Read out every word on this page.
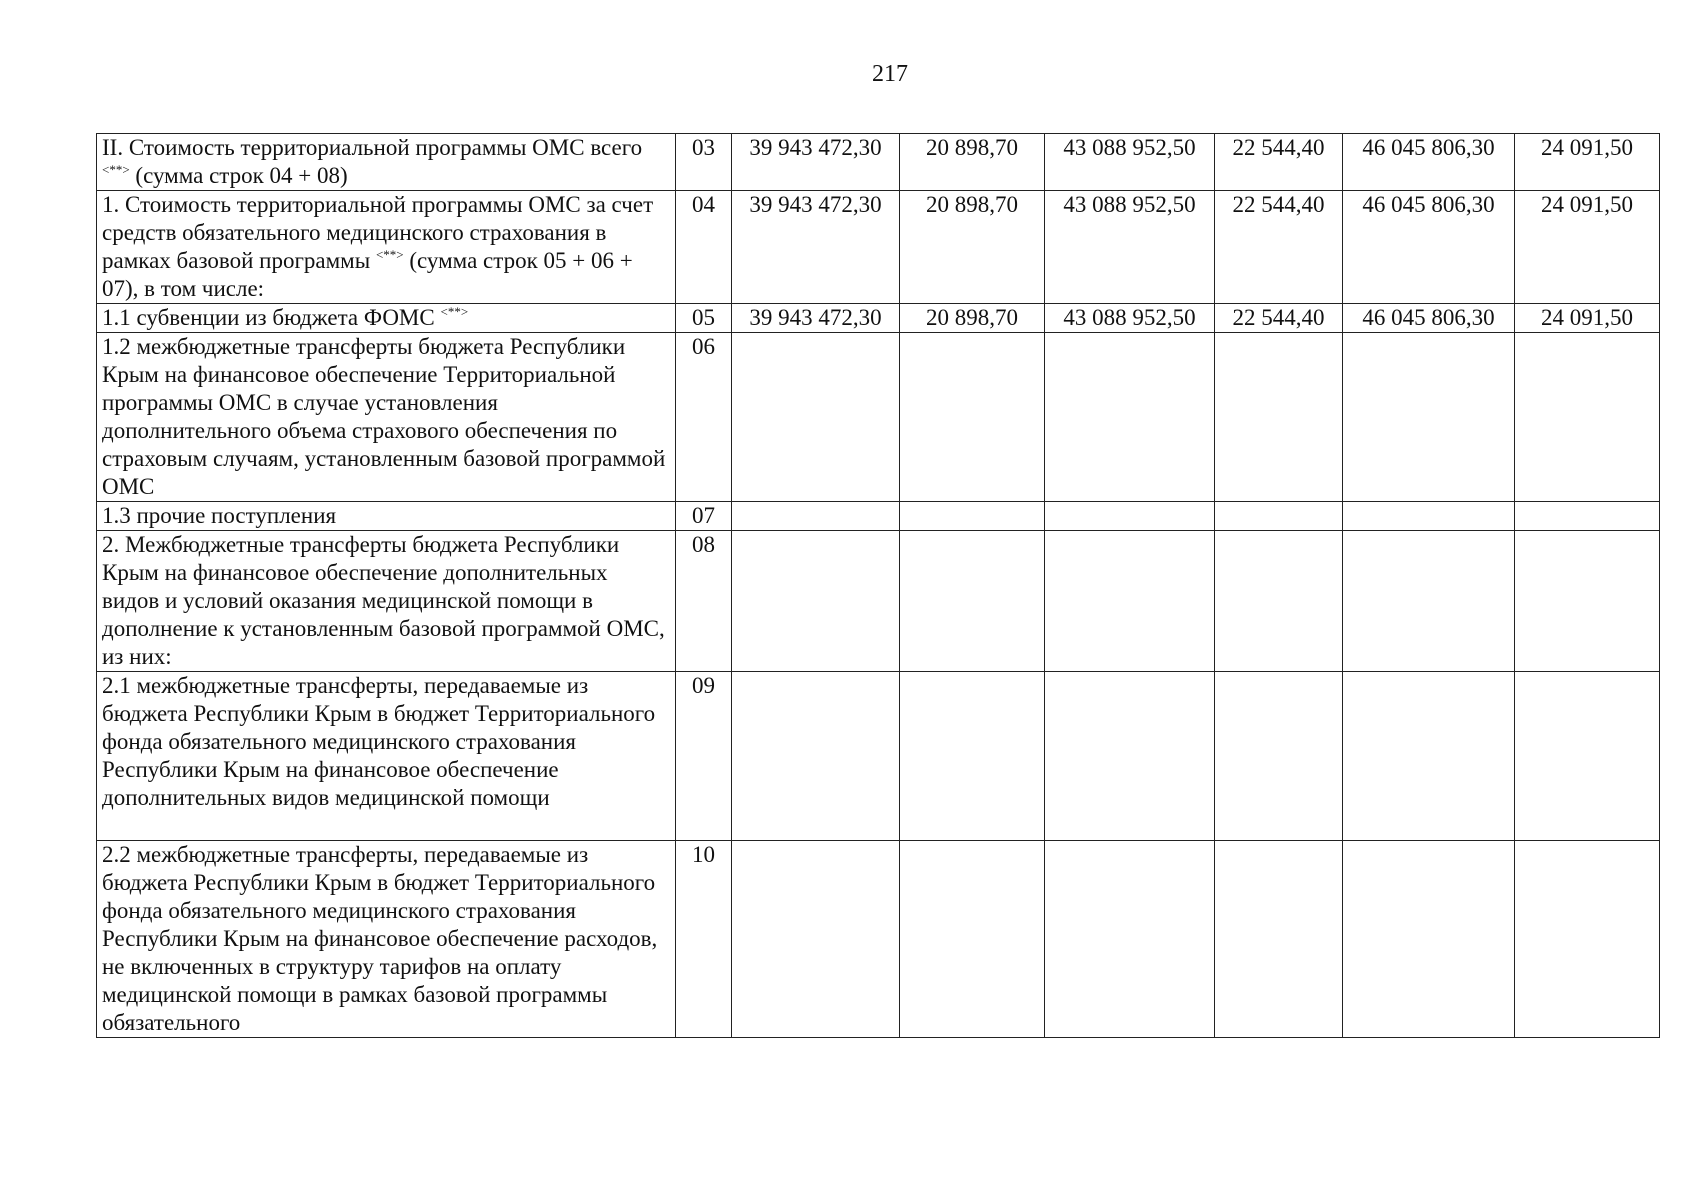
217
II. Стоимость территориальной программы ОМС всего <**> (сумма строк 04 + 08)	03	39 943 472,30	20 898,70	43 088 952,50	22 544,40	46 045 806,30	24 091,50
1. Стоимость территориальной программы ОМС за счет средств обязательного медицинского страхования в рамках базовой программы <**> (сумма строк 05 + 06 + 07), в том числе:	04	39 943 472,30	20 898,70	43 088 952,50	22 544,40	46 045 806,30	24 091,50
1.1 субвенции из бюджета ФОМС <**>	05	39 943 472,30	20 898,70	43 088 952,50	22 544,40	46 045 806,30	24 091,50
1.2 межбюджетные трансферты бюджета Республики Крым на финансовое обеспечение Территориальной программы ОМС в случае установления дополнительного объема страхового обеспечения по страховым случаям, установленным базовой программой ОМС	06						
1.3 прочие поступления	07						
2. Межбюджетные трансферты бюджета Республики Крым на финансовое обеспечение дополнительных видов и условий оказания медицинской помощи в дополнение к установленным базовой программой ОМС, из них:	08						
2.1 межбюджетные трансферты, передаваемые из бюджета Республики Крым в бюджет Территориального фонда обязательного медицинского страхования Республики Крым на финансовое обеспечение дополнительных видов медицинской помощи	09						
2.2 межбюджетные трансферты, передаваемые из бюджета Республики Крым в бюджет Территориального фонда обязательного медицинского страхования Республики Крым на финансовое обеспечение расходов, не включенных в структуру тарифов на оплату медицинской помощи в рамках базовой программы обязательного	10						
